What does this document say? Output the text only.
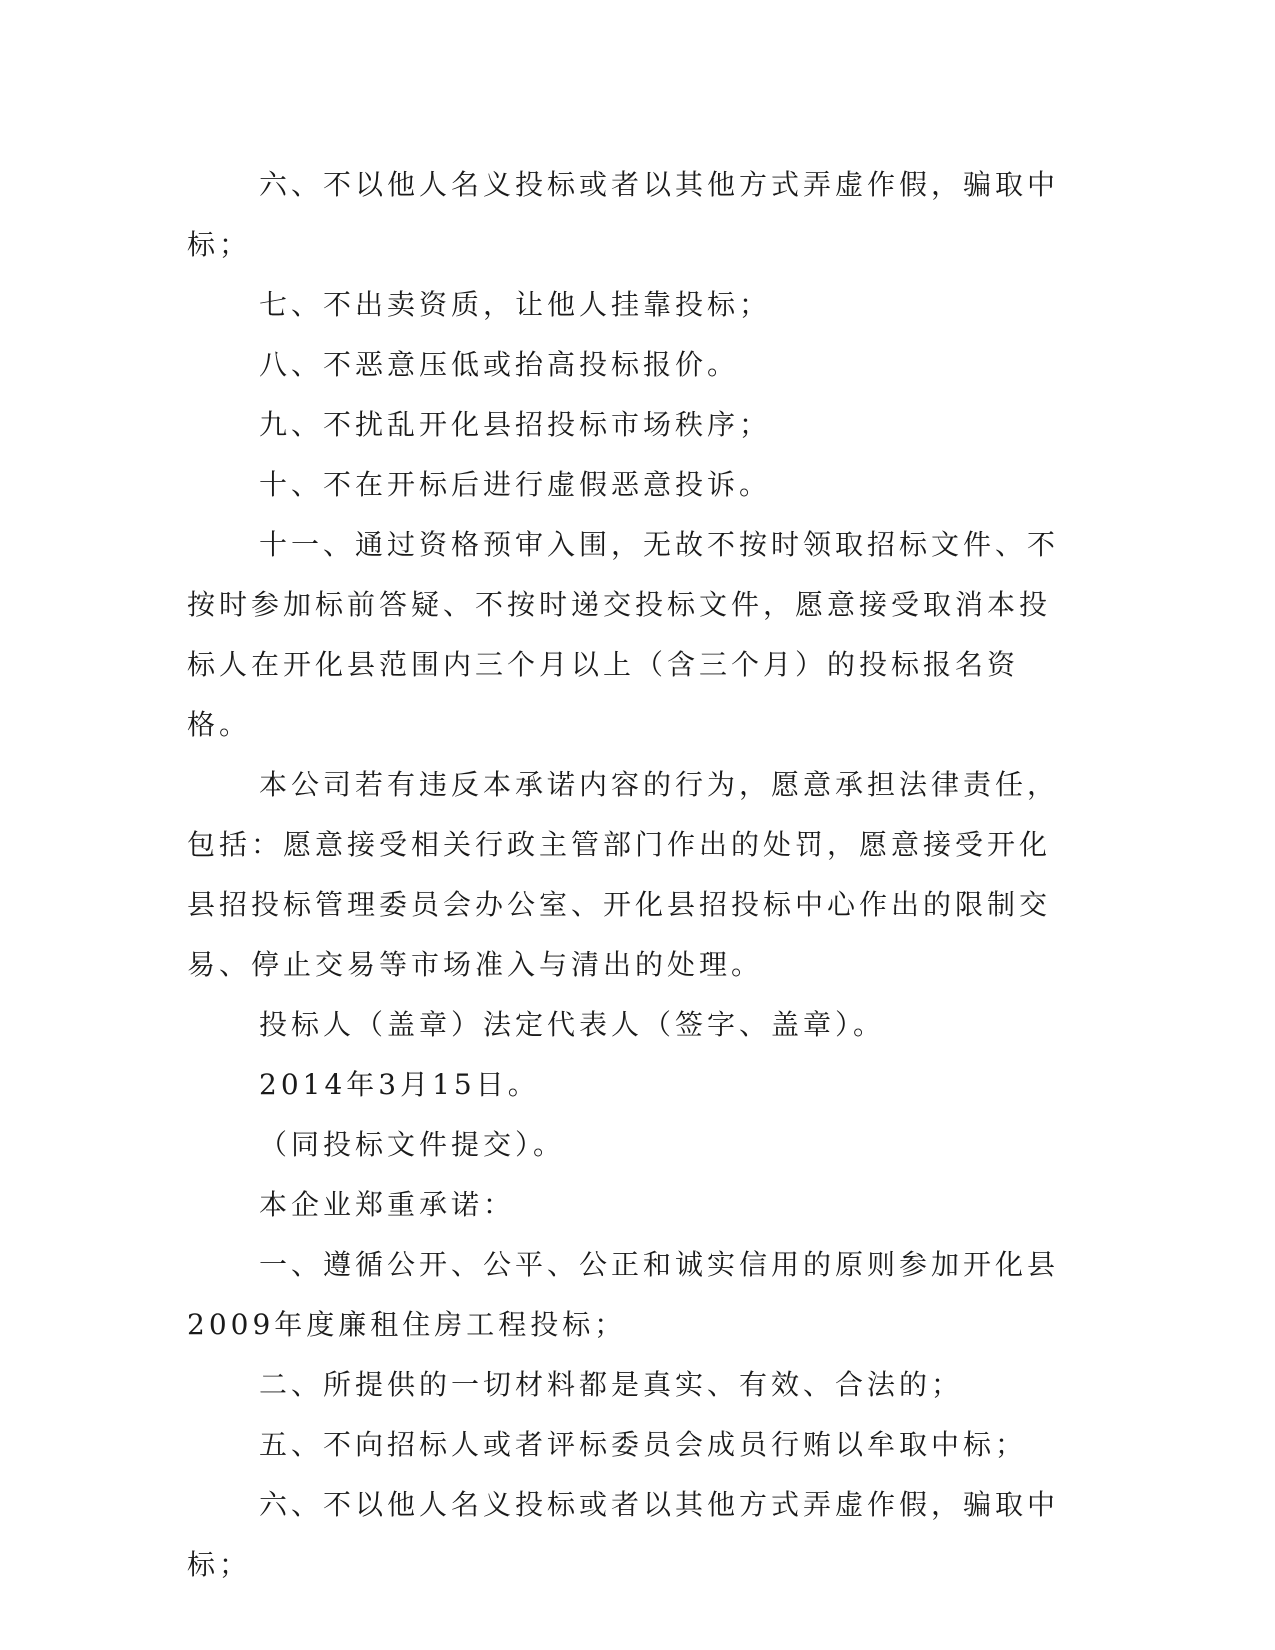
六、不以他人名义投标或者以其他方式弄虚作假，骗取中标；

七、不出卖资质，让他人挂靠投标；

八、不恶意压低或抬高投标报价。

九、不扰乱开化县招投标市场秩序；

十、不在开标后进行虚假恶意投诉。

十一、通过资格预审入围，无故不按时领取招标文件、不按时参加标前答疑、不按时递交投标文件，愿意接受取消本投标人在开化县范围内三个月以上（含三个月）的投标报名资格。

本公司若有违反本承诺内容的行为，愿意承担法律责任，包括：愿意接受相关行政主管部门作出的处罚，愿意接受开化县招投标管理委员会办公室、开化县招投标中心作出的限制交易、停止交易等市场准入与清出的处理。

投标人（盖章）法定代表人（签字、盖章）。

2014年3月15日。

（同投标文件提交）。

本企业郑重承诺：

一、遵循公开、公平、公正和诚实信用的原则参加开化县2009年度廉租住房工程投标；

二、所提供的一切材料都是真实、有效、合法的；

五、不向招标人或者评标委员会成员行贿以牟取中标；

六、不以他人名义投标或者以其他方式弄虚作假，骗取中标；
